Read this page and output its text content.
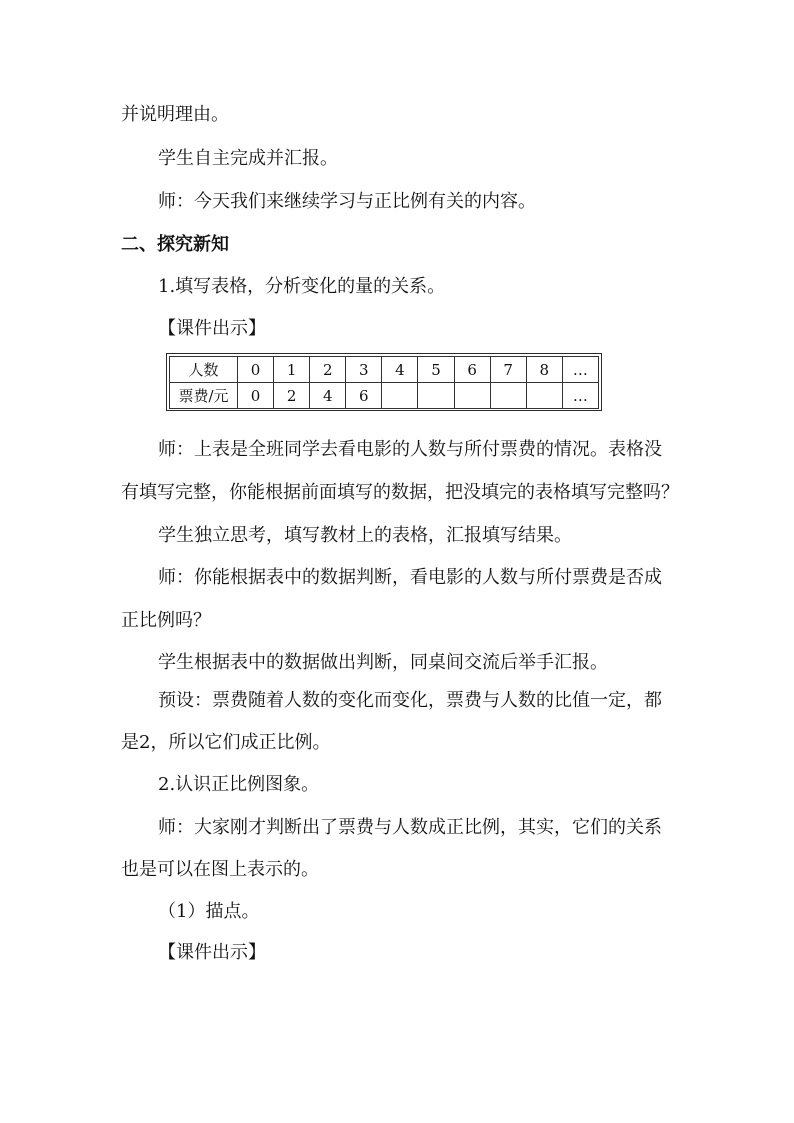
并说明理由。
学生自主完成并汇报。
师：今天我们来继续学习与正比例有关的内容。
二、探究新知
1.填写表格，分析变化的量的关系。
【课件出示】
人数	0	1	2	3	4	5	6	7	8	…
票费/元	0	2	4	6						…
师：上表是全班同学去看电影的人数与所付票费的情况。表格没
有填写完整，你能根据前面填写的数据，把没填完的表格填写完整吗？
学生独立思考，填写教材上的表格，汇报填写结果。
师：你能根据表中的数据判断，看电影的人数与所付票费是否成
正比例吗？
学生根据表中的数据做出判断，同桌间交流后举手汇报。
预设：票费随着人数的变化而变化，票费与人数的比值一定，都
是2，所以它们成正比例。
2.认识正比例图象。
师：大家刚才判断出了票费与人数成正比例，其实，它们的关系
也是可以在图上表示的。
（1）描点。
【课件出示】
